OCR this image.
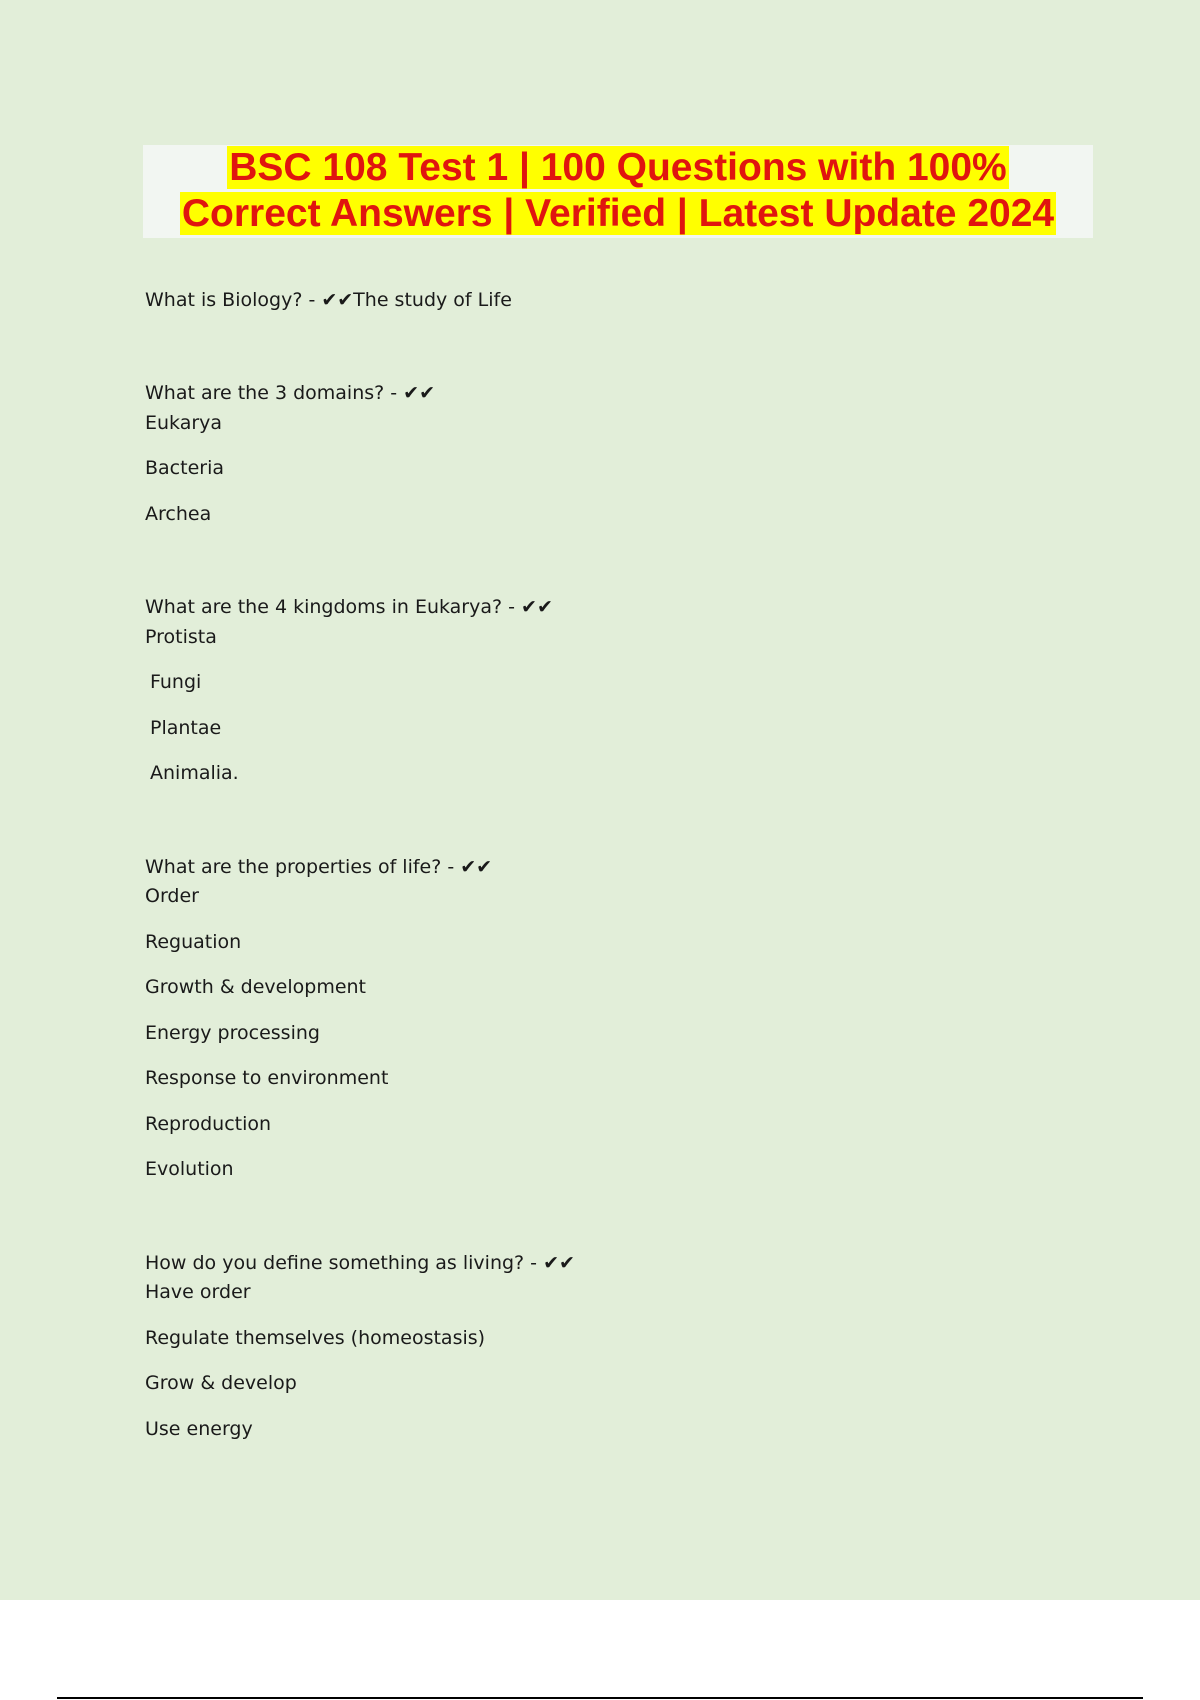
BSC 108 Test 1 | 100 Questions with 100%
Correct Answers | Verified | Latest Update 2024
What is Biology? - ✔✔The study of Life
What are the 3 domains? - ✔✔
Eukarya
Bacteria
Archea
What are the 4 kingdoms in Eukarya? - ✔✔
Protista
Fungi
Plantae
Animalia.
What are the properties of life? - ✔✔
Order
Reguation
Growth & development
Energy processing
Response to environment
Reproduction
Evolution
How do you define something as living? - ✔✔
Have order
Regulate themselves (homeostasis)
Grow & develop
Use energy
